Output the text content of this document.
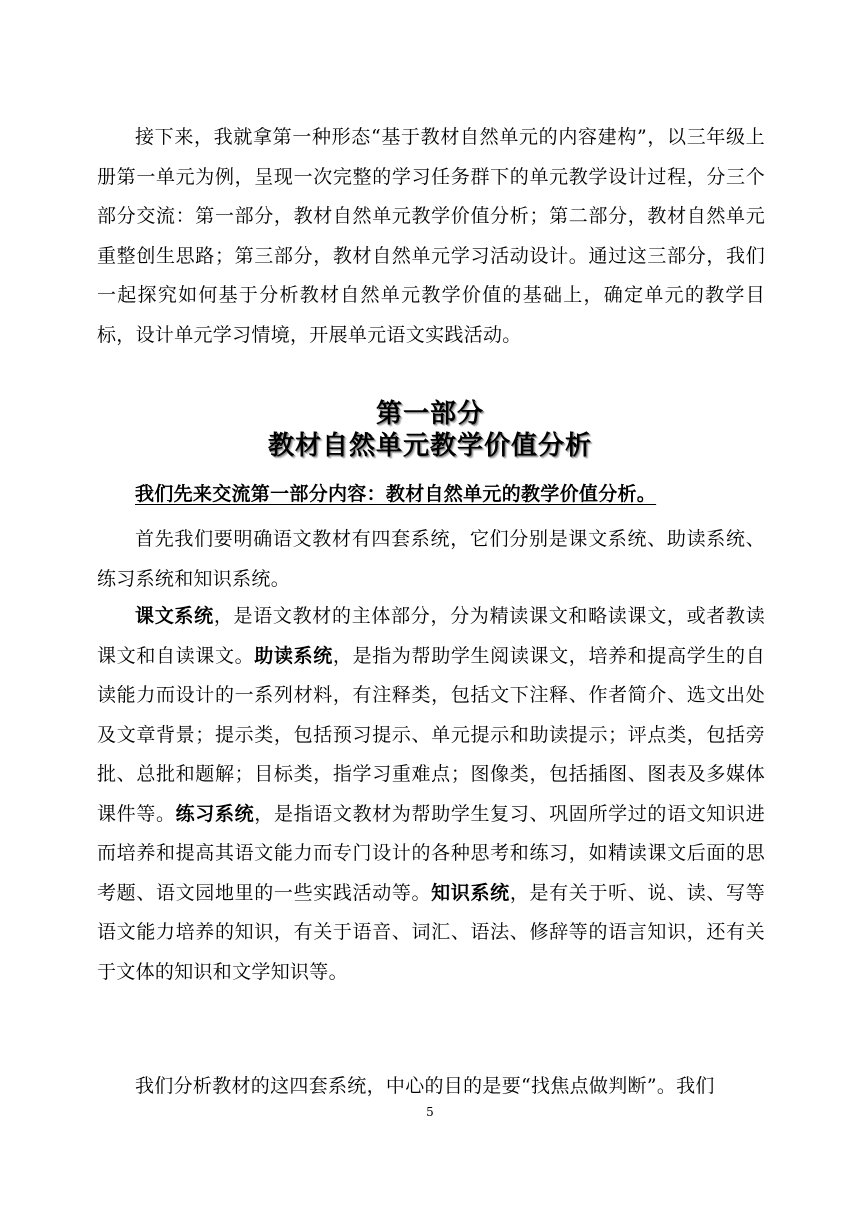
接下来，我就拿第一种形态“基于教材自然单元的内容建构”，以三年级上册第一单元为例，呈现一次完整的学习任务群下的单元教学设计过程，分三个部分交流：第一部分，教材自然单元教学价值分析；第二部分，教材自然单元重整创生思路；第三部分，教材自然单元学习活动设计。通过这三部分，我们一起探究如何基于分析教材自然单元教学价值的基础上，确定单元的教学目标，设计单元学习情境，开展单元语文实践活动。

第一部分
教材自然单元教学价值分析

我们先来交流第一部分内容：教材自然单元的教学价值分析。

首先我们要明确语文教材有四套系统，它们分别是课文系统、助读系统、练习系统和知识系统。

课文系统，是语文教材的主体部分，分为精读课文和略读课文，或者教读课文和自读课文。助读系统，是指为帮助学生阅读课文，培养和提高学生的自读能力而设计的一系列材料，有注释类，包括文下注释、作者简介、选文出处及文章背景；提示类，包括预习提示、单元提示和助读提示；评点类，包括旁批、总批和题解；目标类，指学习重难点；图像类，包括插图、图表及多媒体课件等。练习系统，是指语文教材为帮助学生复习、巩固所学过的语文知识进而培养和提高其语文能力而专门设计的各种思考和练习，如精读课文后面的思考题、语文园地里的一些实践活动等。知识系统，是有关于听、说、读、写等语文能力培养的知识，有关于语音、词汇、语法、修辞等的语言知识，还有关于文体的知识和文学知识等。

我们分析教材的这四套系统，中心的目的是要“找焦点做判断”。我们

5
